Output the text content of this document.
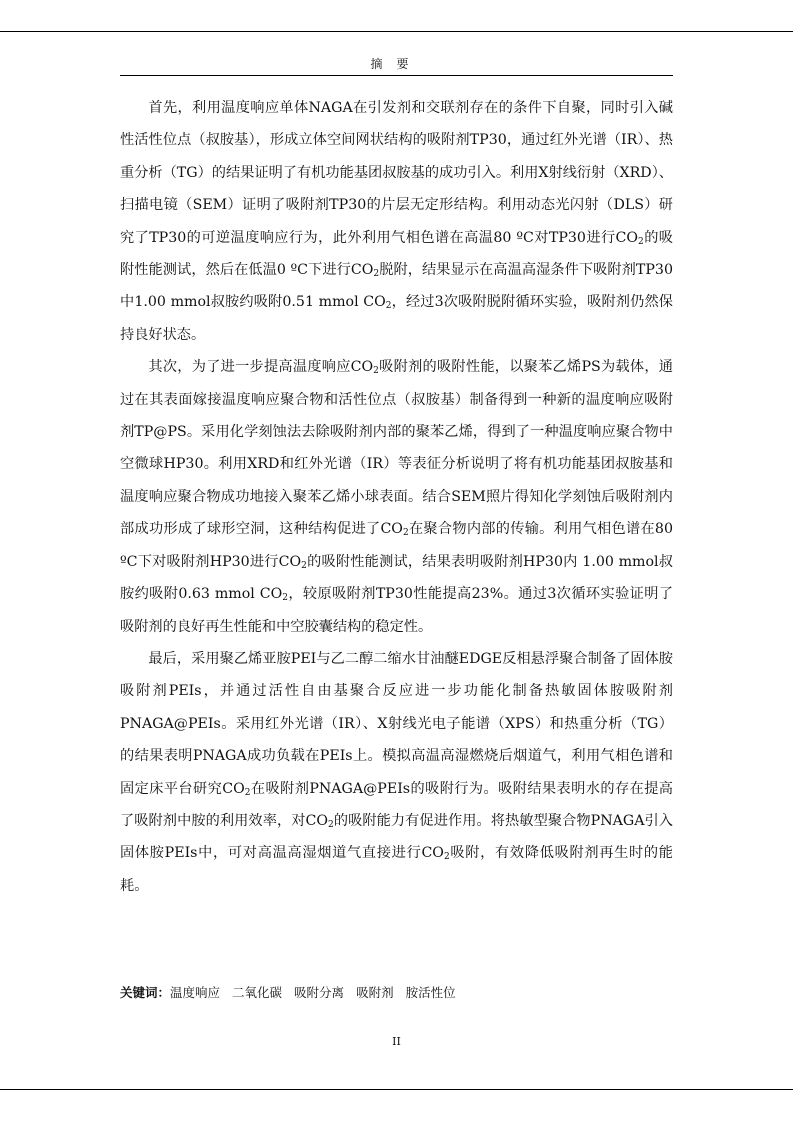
摘要

首先，利用温度响应单体NAGA在引发剂和交联剂存在的条件下自聚，同时引入碱性活性位点（叔胺基），形成立体空间网状结构的吸附剂TP30，通过红外光谱（IR）、热重分析（TG）的结果证明了有机功能基团叔胺基的成功引入。利用X射线衍射（XRD）、扫描电镜（SEM）证明了吸附剂TP30的片层无定形结构。利用动态光闪射（DLS）研究了TP30的可逆温度响应行为，此外利用气相色谱在高温80 ºC对TP30进行$CO_2$的吸附性能测试，然后在低温0 ºC下进行$CO_2$脱附，结果显示在高温高湿条件下吸附剂TP30中1.00 mmol叔胺约吸附0.51 mmol $CO_2$，经过3次吸附脱附循环实验，吸附剂仍然保持良好状态。

其次，为了进一步提高温度响应$CO_2$吸附剂的吸附性能，以聚苯乙烯PS为载体，通过在其表面嫁接温度响应聚合物和活性位点（叔胺基）制备得到一种新的温度响应吸附剂TP@PS。采用化学刻蚀法去除吸附剂内部的聚苯乙烯，得到了一种温度响应聚合物中空微球HP30。利用XRD和红外光谱（IR）等表征分析说明了将有机功能基团叔胺基和温度响应聚合物成功地接入聚苯乙烯小球表面。结合SEM照片得知化学刻蚀后吸附剂内部成功形成了球形空洞，这种结构促进了$CO_2$在聚合物内部的传输。利用气相色谱在80 ºC下对吸附剂HP30进行$CO_2$的吸附性能测试，结果表明吸附剂HP30内 1.00 mmol叔胺约吸附0.63 mmol $CO_2$，较原吸附剂TP30性能提高23%。通过3次循环实验证明了吸附剂的良好再生性能和中空胶囊结构的稳定性。

最后，采用聚乙烯亚胺PEI与乙二醇二缩水甘油醚EDGE反相悬浮聚合制备了固体胺吸附剂PEIs，并通过活性自由基聚合反应进一步功能化制备热敏固体胺吸附剂PNAGA@PEIs。采用红外光谱（IR）、X射线光电子能谱（XPS）和热重分析（TG）的结果表明PNAGA成功负载在PEIs上。模拟高温高湿燃烧后烟道气，利用气相色谱和固定床平台研究$CO_2$在吸附剂PNAGA@PEIs的吸附行为。吸附结果表明水的存在提高了吸附剂中胺的利用效率，对$CO_2$的吸附能力有促进作用。将热敏型聚合物PNAGA引入固体胺PEIs中，可对高温高湿烟道气直接进行$CO_2$吸附，有效降低吸附剂再生时的能耗。

关键词：温度响应 二氧化碳 吸附分离 吸附剂 胺活性位
II
